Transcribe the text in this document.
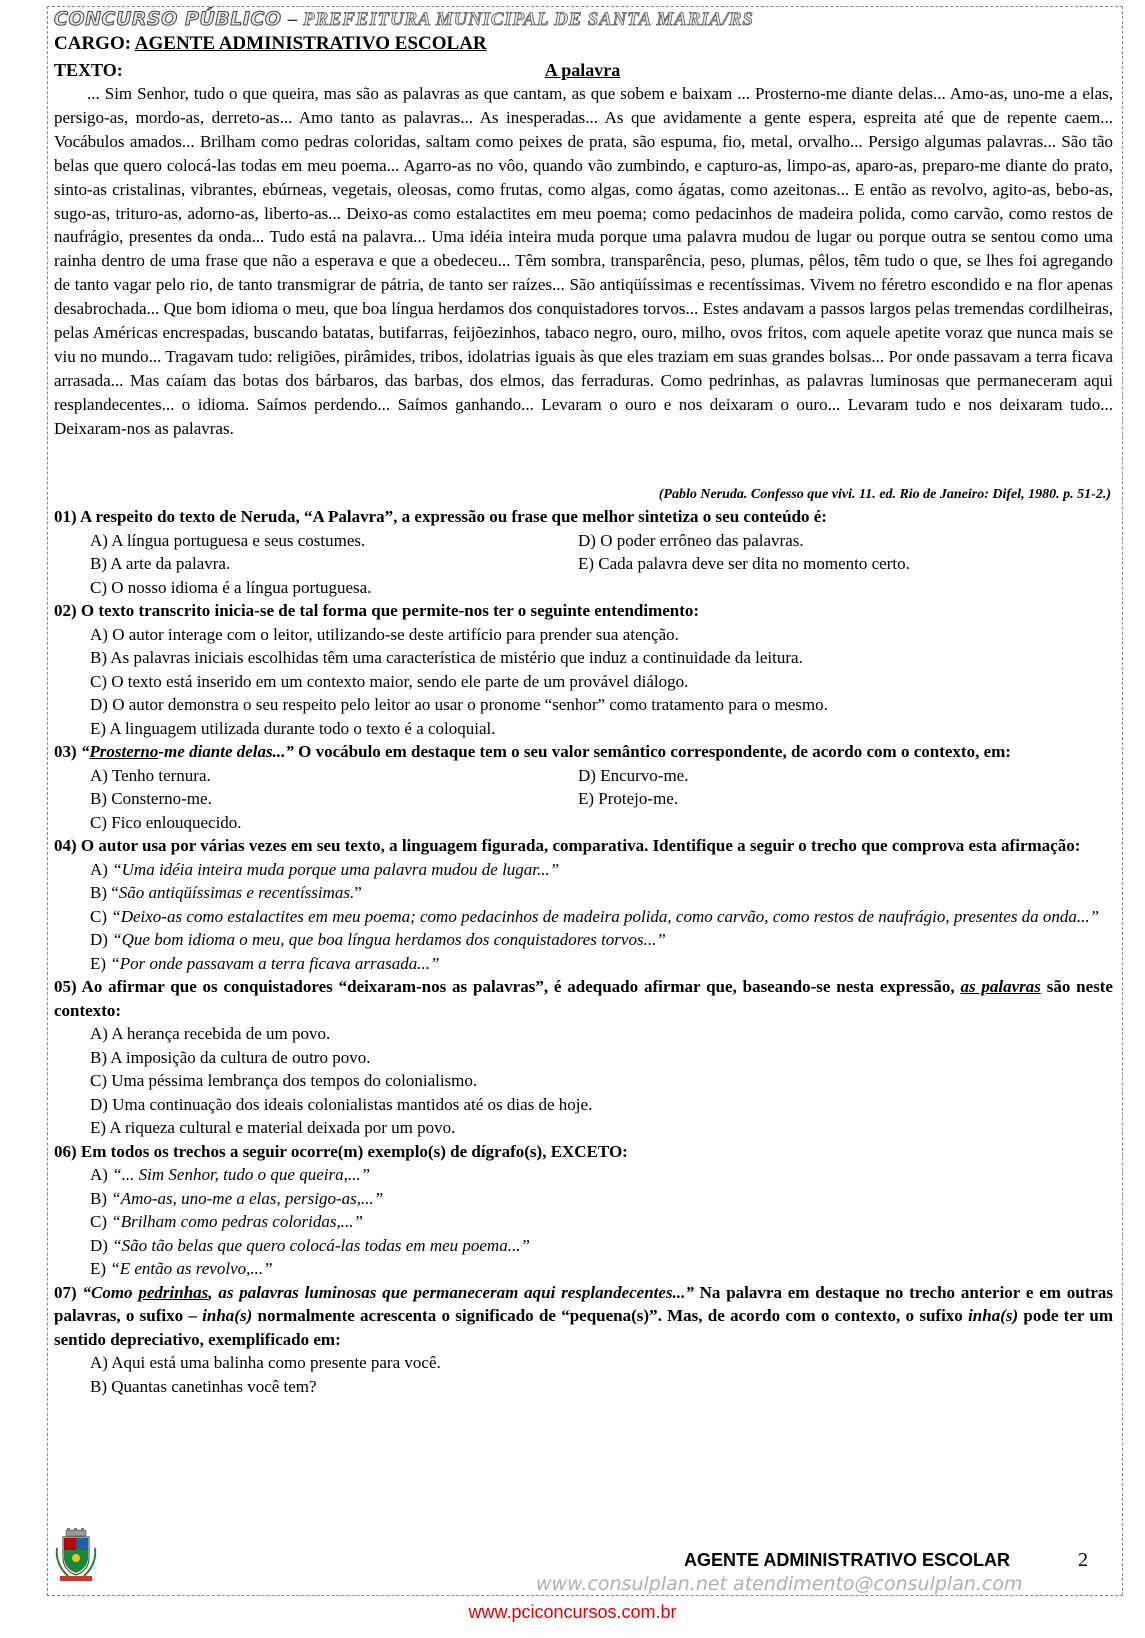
CONCURSO PÚBLICO – PREFEITURA MUNICIPAL DE SANTA MARIA/RS
CARGO: AGENTE ADMINISTRATIVO ESCOLAR
TEXTO:	A palavra
... Sim Senhor, tudo o que queira, mas são as palavras as que cantam, as que sobem e baixam ... Prosterno-me diante delas... Amo-as, uno-me a elas, persigo-as, mordo-as, derreto-as... Amo tanto as palavras... As inesperadas... As que avidamente a gente espera, espreita até que de repente caem... Vocábulos amados... Brilham como pedras coloridas, saltam como peixes de prata, são espuma, fio, metal, orvalho... Persigo algumas palavras... São tão belas que quero colocá-las todas em meu poema... Agarro-as no vôo, quando vão zumbindo, e capturo-as, limpo-as, aparo-as, preparo-me diante do prato, sinto-as cristalinas, vibrantes, ebúrneas, vegetais, oleosas, como frutas, como algas, como ágatas, como azeitonas... E então as revolvo, agito-as, bebo-as, sugo-as, trituro-as, adorno-as, liberto-as... Deixo-as como estalactites em meu poema; como pedacinhos de madeira polida, como carvão, como restos de naufrágio, presentes da onda... Tudo está na palavra... Uma idéia inteira muda porque uma palavra mudou de lugar ou porque outra se sentou como uma rainha dentro de uma frase que não a esperava e que a obedeceu... Têm sombra, transparência, peso, plumas, pêlos, têm tudo o que, se lhes foi agregando de tanto vagar pelo rio, de tanto transmigrar de pátria, de tanto ser raízes... São antiqüíssimas e recentíssimas. Vivem no féretro escondido e na flor apenas desabrochada... Que bom idioma o meu, que boa língua herdamos dos conquistadores torvos... Estes andavam a passos largos pelas tremendas cordilheiras, pelas Américas encrespadas, buscando batatas, butifarras, feijõezinhos, tabaco negro, ouro, milho, ovos fritos, com aquele apetite voraz que nunca mais se viu no mundo... Tragavam tudo: religiões, pirâmides, tribos, idolatrias iguais às que eles traziam em suas grandes bolsas... Por onde passavam a terra ficava arrasada... Mas caíam das botas dos bárbaros, das barbas, dos elmos, das ferraduras. Como pedrinhas, as palavras luminosas que permaneceram aqui resplandecentes... o idioma. Saímos perdendo... Saímos ganhando... Levaram o ouro e nos deixaram o ouro... Levaram tudo e nos deixaram tudo... Deixaram-nos as palavras.
(Pablo Neruda. Confesso que vivi. 11. ed. Rio de Janeiro: Difel, 1980. p. 51-2.)

01) A respeito do texto de Neruda, “A Palavra”, a expressão ou frase que melhor sintetiza o seu conteúdo é:

A) A língua portuguesa e seus costumes.	D) O poder errôneo das palavras.
B) A arte da palavra.	E) Cada palavra deve ser dita no momento certo.

C) O nosso idioma é a língua portuguesa.

02) O texto transcrito inicia-se de tal forma que permite-nos ter o seguinte entendimento:

A) O autor interage com o leitor, utilizando-se deste artifício para prender sua atenção.

B) As palavras iniciais escolhidas têm uma característica de mistério que induz a continuidade da leitura.

C) O texto está inserido em um contexto maior, sendo ele parte de um provável diálogo.

D) O autor demonstra o seu respeito pelo leitor ao usar o pronome “senhor” como tratamento para o mesmo.

E) A linguagem utilizada durante todo o texto é a coloquial.

03) “Prosterno-me diante delas...” O vocábulo em destaque tem o seu valor semântico correspondente, de acordo com o contexto, em:

A) Tenho ternura.	D) Encurvo-me.
B) Consterno-me.	E) Protejo-me.

C) Fico enlouquecido.

04) O autor usa por várias vezes em seu texto, a linguagem figurada, comparativa. Identifique a seguir o trecho que comprova esta afirmação:

A) “Uma idéia inteira muda porque uma palavra mudou de lugar...”

B) “São antiqüíssimas e recentíssimas.”

C) “Deixo-as como estalactites em meu poema; como pedacinhos de madeira polida, como carvão, como restos de naufrágio, presentes da onda...”

D) “Que bom idioma o meu, que boa língua herdamos dos conquistadores torvos...”

E) “Por onde passavam a terra ficava arrasada...”

05) Ao afirmar que os conquistadores “deixaram-nos as palavras”, é adequado afirmar que, baseando-se nesta expressão, as palavras são neste contexto:

A) A herança recebida de um povo.

B) A imposição da cultura de outro povo.

C) Uma péssima lembrança dos tempos do colonialismo.

D) Uma continuação dos ideais colonialistas mantidos até os dias de hoje.

E) A riqueza cultural e material deixada por um povo.

06) Em todos os trechos a seguir ocorre(m) exemplo(s) de dígrafo(s), EXCETO:

A) “... Sim Senhor, tudo o que queira,...”

B) “Amo-as, uno-me a elas, persigo-as,...”

C) “Brilham como pedras coloridas,...”

D) “São tão belas que quero colocá-las todas em meu poema...”

E) “E então as revolvo,...”

07) “Como pedrinhas, as palavras luminosas que permaneceram aqui resplandecentes...” Na palavra em destaque no trecho anterior e em outras palavras, o sufixo – inha(s) normalmente acrescenta o significado de “pequena(s)”. Mas, de acordo com o contexto, o sufixo inha(s) pode ter um sentido depreciativo, exemplificado em:

A) Aqui está uma balinha como presente para você.

B) Quantas canetinhas você tem?

AGENTE ADMINISTRATIVO ESCOLAR	2
www.consulplan.net atendimento@consulplan.com
www.pciconcursos.com.br
